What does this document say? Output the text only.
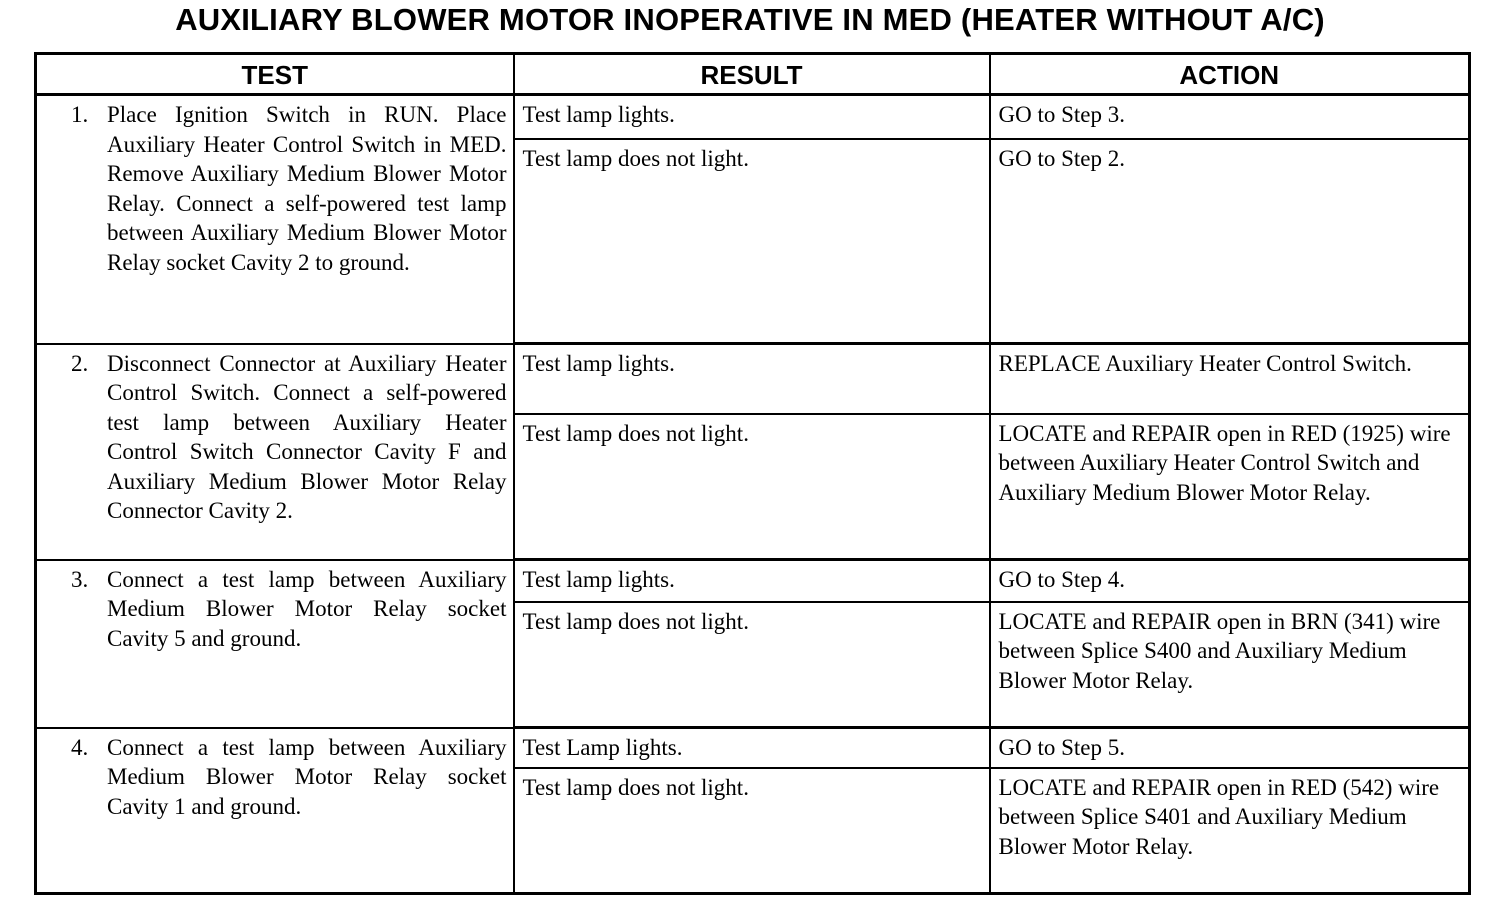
AUXILIARY BLOWER MOTOR INOPERATIVE IN MED (HEATER WITHOUT A/C)
TEST	RESULT	ACTION

1. Place Ignition Switch in RUN. Place Auxiliary Heater Control Switch in MED. Remove Auxiliary Medium Blower Motor Relay. Connect a self-powered test lamp between Auxiliary Medium Blower Motor Relay socket Cavity 2 to ground.	Test lamp lights.	GO to Step 3.
	Test lamp does not light.	GO to Step 2.

2. Disconnect Connector at Auxiliary Heater Control Switch. Connect a self-powered test lamp between Auxiliary Heater Control Switch Connector Cavity F and Auxiliary Medium Blower Motor Relay Connector Cavity 2.	Test lamp lights.	REPLACE Auxiliary Heater Control Switch.
	Test lamp does not light.	LOCATE and REPAIR open in RED (1925) wire between Auxiliary Heater Control Switch and Auxiliary Medium Blower Motor Relay.

3. Connect a test lamp between Auxiliary Medium Blower Motor Relay socket Cavity 5 and ground.	Test lamp lights.	GO to Step 4.
	Test lamp does not light.	LOCATE and REPAIR open in BRN (341) wire between Splice S400 and Auxiliary Medium Blower Motor Relay.

4. Connect a test lamp between Auxiliary Medium Blower Motor Relay socket Cavity 1 and ground.	Test Lamp lights.	GO to Step 5.
	Test lamp does not light.	LOCATE and REPAIR open in RED (542) wire between Splice S401 and Auxiliary Medium Blower Motor Relay.
